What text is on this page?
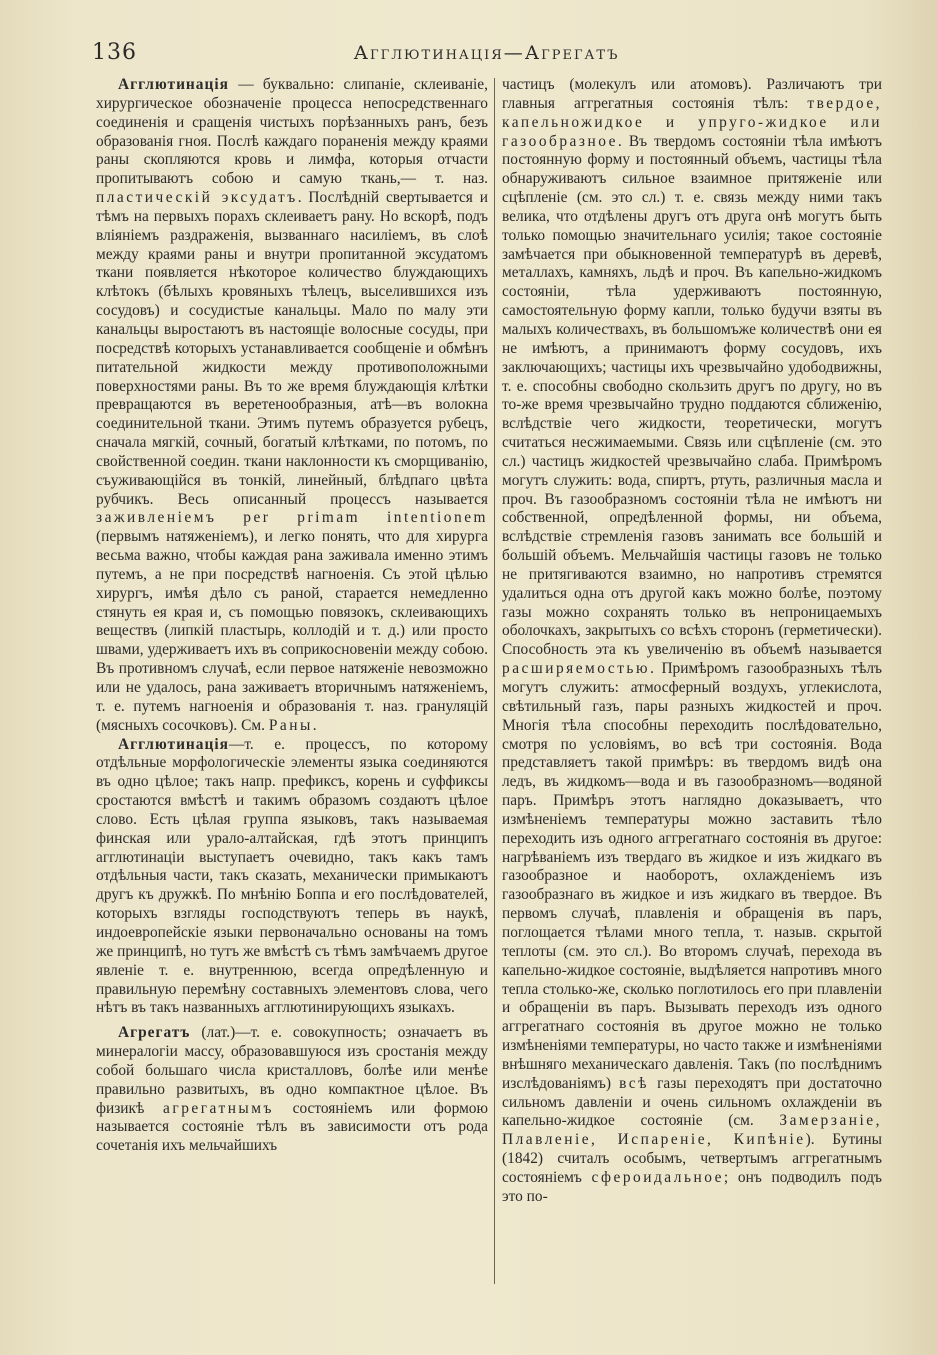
136	Агглютинація—Агрегатъ

Агглютинація — буквально: слипаніе, склеиваніе, хирургическое обозначеніе процесса непосредственнаго соединенія и сращенія чистыхъ порѣзанныхъ ранъ, безъ образованія гноя. Послѣ каждаго пораненія между краями раны скопляются кровь и лимфа, которыя отчасти пропитываютъ собою и самую ткань,— т. наз. пластическій эксудатъ. Послѣдній свертывается и тѣмъ на первыхъ порахъ склеиваетъ рану. Но вскорѣ, подъ вліяніемъ раздраженія, вызваннаго насиліемъ, въ слоѣ между краями раны и внутри пропитанной эксудатомъ ткани появляется нѣкоторое количество блуждающихъ клѣтокъ (бѣлыхъ кровяныхъ тѣлецъ, выселившихся изъ сосудовъ) и сосудистые канальцы. Мало по малу эти канальцы выростаютъ въ настоящіе волосные сосуды, при посредствѣ которыхъ устанавливается сообщеніе и обмѣнъ питательной жидкости между противоположными поверхностями раны. Въ то же время блуждающія клѣтки превращаются въ веретенообразныя, атѣ—въ волокна соединительной ткани. Этимъ путемъ образуется рубецъ, сначала мягкій, сочный, богатый клѣтками, по потомъ, по свойственной соедин. ткани наклонности къ сморщиванію, съуживающійся въ тонкій, линейный, блѣдпаго цвѣта рубчикъ. Весь описанный процессъ называется заживленіемъ per primam intentionem (первымъ натяженіемъ), и легко понять, что для хирурга весьма важно, чтобы каждая рана заживала именно этимъ путемъ, а не при посредствѣ нагноенія. Съ этой цѣлью хирургъ, имѣя дѣло съ раной, старается немедленно стянуть ея края и, съ помощью повязокъ, склеивающихъ веществъ (липкій пластырь, коллодій и т. д.) или просто швами, удерживаетъ ихъ въ соприкосновеніи между собою. Въ противномъ случаѣ, если первое натяженіе невозможно или не удалось, рана заживаетъ вторичнымъ натяженіемъ, т. е. путемъ нагноенія и образованія т. наз. грануляцій (мясныхъ сосочковъ). См. Раны.

Агглютинація—т. е. процессъ, по которому отдѣльные морфологическіе элементы языка соединяются въ одно цѣлое; такъ напр. префиксъ, корень и суффиксы сростаются вмѣстѣ и такимъ образомъ создаютъ цѣлое слово. Есть цѣлая группа языковъ, такъ называемая финская или урало-алтайская, гдѣ этотъ принципъ агглютинаціи выступаетъ очевидно, такъ какъ тамъ отдѣльныя части, такъ сказать, механически примыкаютъ другъ къ дружкѣ. По мнѣнію Боппа и его послѣдователей, которыхъ взгляды господствуютъ теперь въ наукѣ, индоевропейскіе языки первоначально основаны на томъ же принципѣ, но тутъ же вмѣстѣ съ тѣмъ замѣчаемъ другое явленіе т. е. внутреннюю, всегда опредѣленную и правильную перемѣну составныхъ элементовъ слова, чего нѣтъ въ такъ названныхъ агглютинирующихъ языкахъ.

Агрегатъ (лат.)—т. е. совокупность; означаетъ въ минералогіи массу, образовавшуюся изъ сростанія между собой большаго числа кристалловъ, болѣе или менѣе правильно развитыхъ, въ одно компактное цѣлое. Въ физикѣ агрегатнымъ состояніемъ или формою называется состояніе тѣлъ въ зависимости отъ рода сочетанія ихъ мельчайшихъ

частицъ (молекулъ или атомовъ). Различаютъ три главныя аггрегатныя состоянія тѣлъ: твердое, капельножидкое и упруго-жидкое или газообразное. Въ твердомъ состояніи тѣла имѣютъ постоянную форму и постоянный объемъ, частицы тѣла обнаруживаютъ сильное взаимное притяженіе или сцѣпленіе (см. это сл.) т. е. связь между ними такъ велика, что отдѣлены другъ отъ друга онѣ могутъ быть только помощью значительнаго усилія; такое состояніе замѣчается при обыкновенной температурѣ въ деревѣ, металлахъ, камняхъ, льдѣ и проч. Въ капельно-жидкомъ состояніи, тѣла удерживаютъ постоянную, самостоятельную форму капли, только будучи взяты въ малыхъ количествахъ, въ большомъже количествѣ они ея не имѣютъ, а принимаютъ форму сосудовъ, ихъ заключающихъ; частицы ихъ чрезвычайно удободвижны, т. е. способны свободно скользить другъ по другу, но въ то-же время чрезвычайно трудно поддаются сближенію, вслѣдствіе чего жидкости, теоретически, могутъ считаться несжимаемыми. Связь или сцѣпленіе (см. это сл.) частицъ жидкостей чрезвычайно слаба. Примѣромъ могутъ служить: вода, спиртъ, ртуть, различныя масла и проч. Въ газообразномъ состояніи тѣла не имѣютъ ни собственной, опредѣленной формы, ни объема, вслѣдствіе стремленія газовъ занимать все большій и большій объемъ. Мельчайшія частицы газовъ не только не притягиваются взаимно, но напротивъ стремятся удалиться одна отъ другой какъ можно болѣе, поэтому газы можно сохранять только въ непроницаемыхъ оболочкахъ, закрытыхъ со всѣхъ сторонъ (герметически). Способность эта къ увеличенію въ объемѣ называется расширяемостью. Примѣромъ газообразныхъ тѣлъ могутъ служить: атмосферный воздухъ, углекислота, свѣтильный газъ, пары разныхъ жидкостей и проч. Многія тѣла способны переходить послѣдовательно, смотря по условіямъ, во всѣ три состоянія. Вода представляетъ такой примѣръ: въ твердомъ видѣ она ледъ, въ жидкомъ—вода и въ газообразномъ—водяной паръ. Примѣръ этотъ наглядно доказываетъ, что измѣненіемъ температуры можно заставить тѣло переходить изъ одного аггрегатнаго состоянія въ другое: нагрѣваніемъ изъ твердаго въ жидкое и изъ жидкаго въ газообразное и наоборотъ, охлажденіемъ изъ газообразнаго въ жидкое и изъ жидкаго въ твердое. Въ первомъ случаѣ, плавленія и обращенія въ паръ, поглощается тѣлами много тепла, т. назыв. скрытой теплоты (см. это сл.). Во второмъ случаѣ, перехода въ капельно-жидкое состояніе, выдѣляется напротивъ много тепла столько-же, сколько поглотилось его при плавленіи и обращеніи въ паръ. Вызывать переходъ изъ одного аггрегатнаго состоянія въ другое можно не только измѣненіями температуры, но часто также и измѣненіями внѣшняго механическаго давленія. Такъ (по послѣднимъ изслѣдованіямъ) всѣ газы переходятъ при достаточно сильномъ давленіи и очень сильномъ охлажденіи въ капельно-жидкое состояніе (см. Замерзаніе, Плавленіе, Испареніе, Кипѣніе). Бутины (1842) считалъ особымъ, четвертымъ аггрегатнымъ состояніемъ сфероидальное; онъ подводилъ подъ это по-
